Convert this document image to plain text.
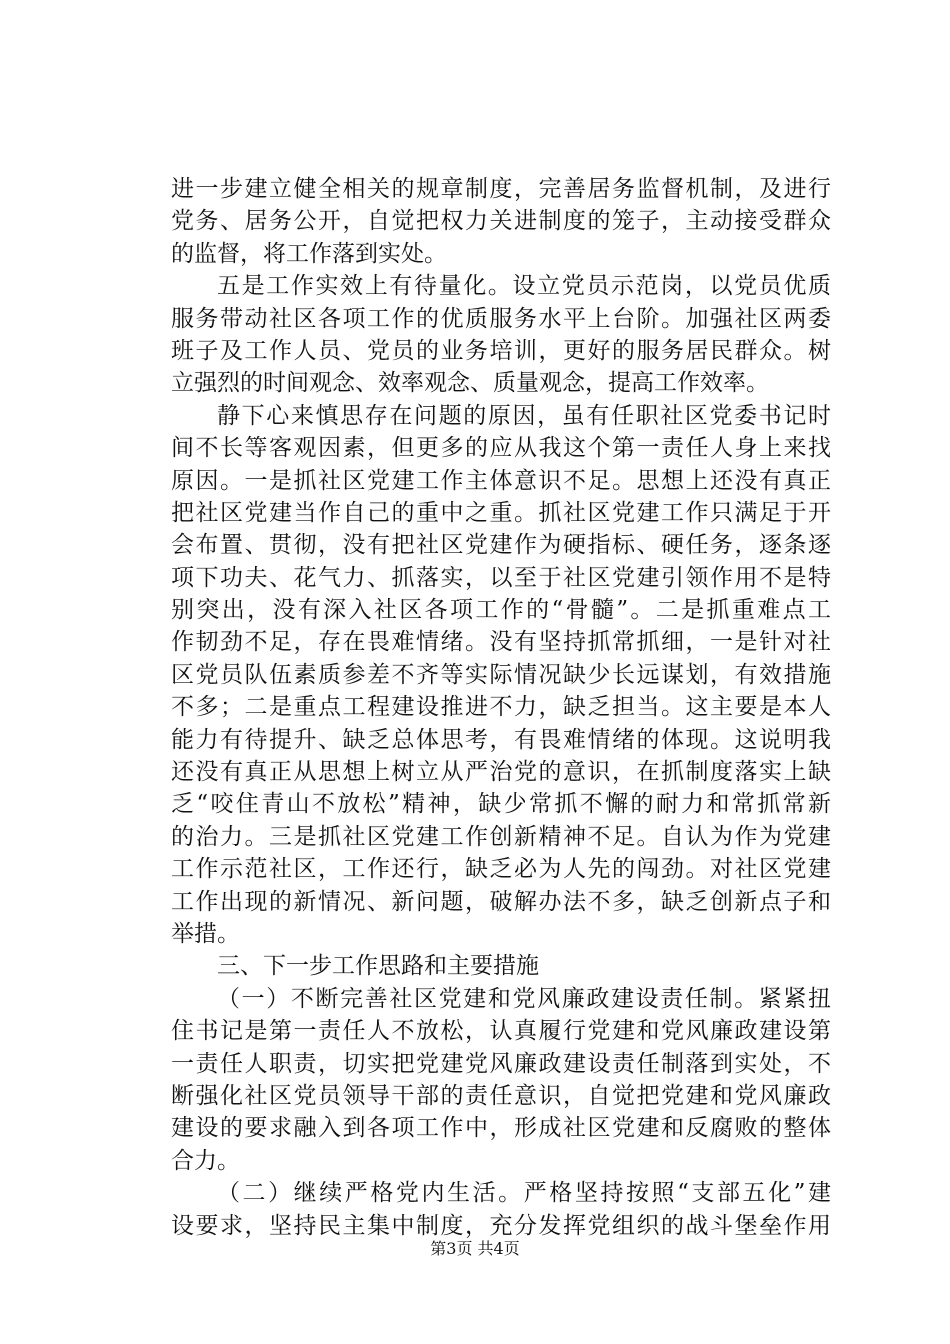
进一步建立健全相关的规章制度，完善居务监督机制，及进行
党务、居务公开，自觉把权力关进制度的笼子，主动接受群众
的监督，将工作落到实处。
五是工作实效上有待量化。设立党员示范岗，以党员优质
服务带动社区各项工作的优质服务水平上台阶。加强社区两委
班子及工作人员、党员的业务培训，更好的服务居民群众。树
立强烈的时间观念、效率观念、质量观念，提高工作效率。
静下心来慎思存在问题的原因，虽有任职社区党委书记时
间不长等客观因素，但更多的应从我这个第一责任人身上来找
原因。一是抓社区党建工作主体意识不足。思想上还没有真正
把社区党建当作自己的重中之重。抓社区党建工作只满足于开
会布置、贯彻，没有把社区党建作为硬指标、硬任务，逐条逐
项下功夫、花气力、抓落实，以至于社区党建引领作用不是特
别突出，没有深入社区各项工作的“骨髓”。二是抓重难点工
作韧劲不足，存在畏难情绪。没有坚持抓常抓细，一是针对社
区党员队伍素质参差不齐等实际情况缺少长远谋划，有效措施
不多；二是重点工程建设推进不力，缺乏担当。这主要是本人
能力有待提升、缺乏总体思考，有畏难情绪的体现。这说明我
还没有真正从思想上树立从严治党的意识，在抓制度落实上缺
乏“咬住青山不放松”精神，缺少常抓不懈的耐力和常抓常新
的治力。三是抓社区党建工作创新精神不足。自认为作为党建
工作示范社区，工作还行，缺乏必为人先的闯劲。对社区党建
工作出现的新情况、新问题，破解办法不多，缺乏创新点子和
举措。
三、下一步工作思路和主要措施
（一）不断完善社区党建和党风廉政建设责任制。紧紧扭
住书记是第一责任人不放松，认真履行党建和党风廉政建设第
一责任人职责，切实把党建党风廉政建设责任制落到实处，不
断强化社区党员领导干部的责任意识，自觉把党建和党风廉政
建设的要求融入到各项工作中，形成社区党建和反腐败的整体
合力。
（二）继续严格党内生活。严格坚持按照“支部五化”建
设要求，坚持民主集中制度，充分发挥党组织的战斗堡垒作用
第3页 共4页
